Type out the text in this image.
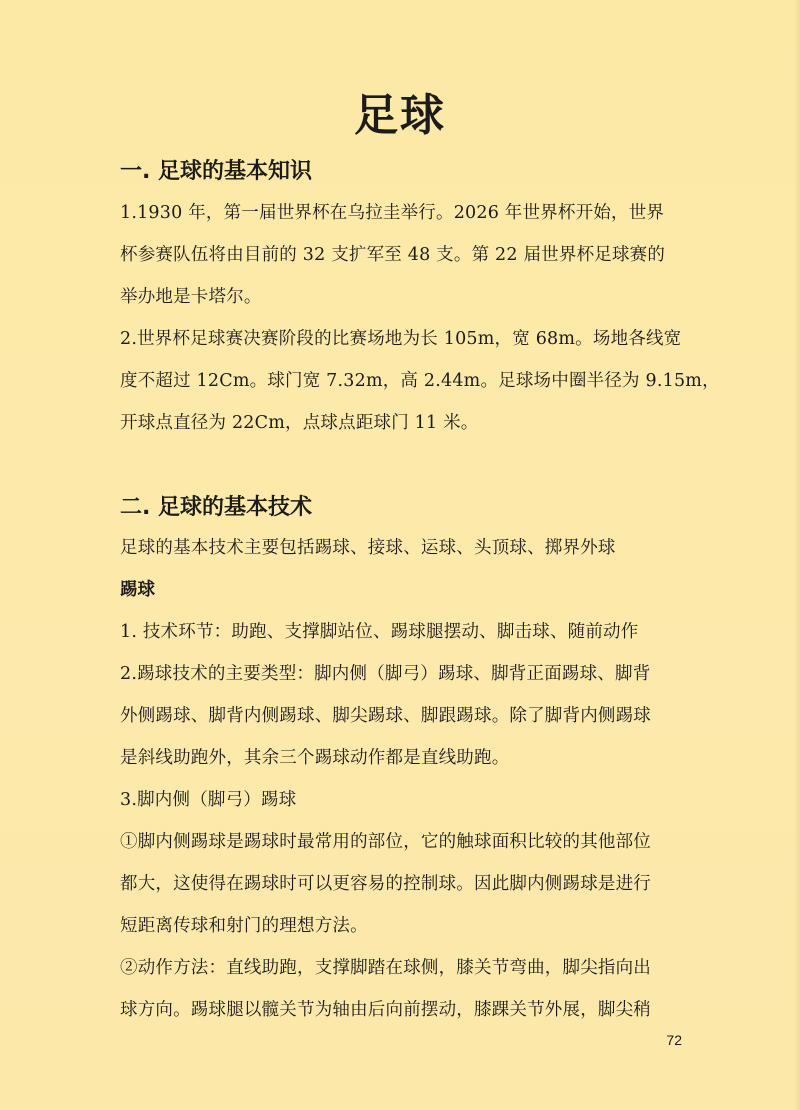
足球
一. 足球的基本知识
1.1930 年，第一届世界杯在乌拉圭举行。2026 年世界杯开始，世界
杯参赛队伍将由目前的 32 支扩军至 48 支。第 22 届世界杯足球赛的
举办地是卡塔尔。
2.世界杯足球赛决赛阶段的比赛场地为长 105m，宽 68m。场地各线宽
度不超过 12Cm。球门宽 7.32m，高 2.44m。足球场中圈半径为 9.15m，
开球点直径为 22Cm，点球点距球门 11 米。
二. 足球的基本技术
足球的基本技术主要包括踢球、接球、运球、头顶球、掷界外球
踢球
1. 技术环节：助跑、支撑脚站位、踢球腿摆动、脚击球、随前动作
2.踢球技术的主要类型：脚内侧（脚弓）踢球、脚背正面踢球、脚背
外侧踢球、脚背内侧踢球、脚尖踢球、脚跟踢球。除了脚背内侧踢球
是斜线助跑外，其余三个踢球动作都是直线助跑。
3.脚内侧（脚弓）踢球
①脚内侧踢球是踢球时最常用的部位，它的触球面积比较的其他部位
都大，这使得在踢球时可以更容易的控制球。因此脚内侧踢球是进行
短距离传球和射门的理想方法。
②动作方法：直线助跑，支撑脚踏在球侧，膝关节弯曲，脚尖指向出
球方向。踢球腿以髋关节为轴由后向前摆动，膝踝关节外展，脚尖稍
72
